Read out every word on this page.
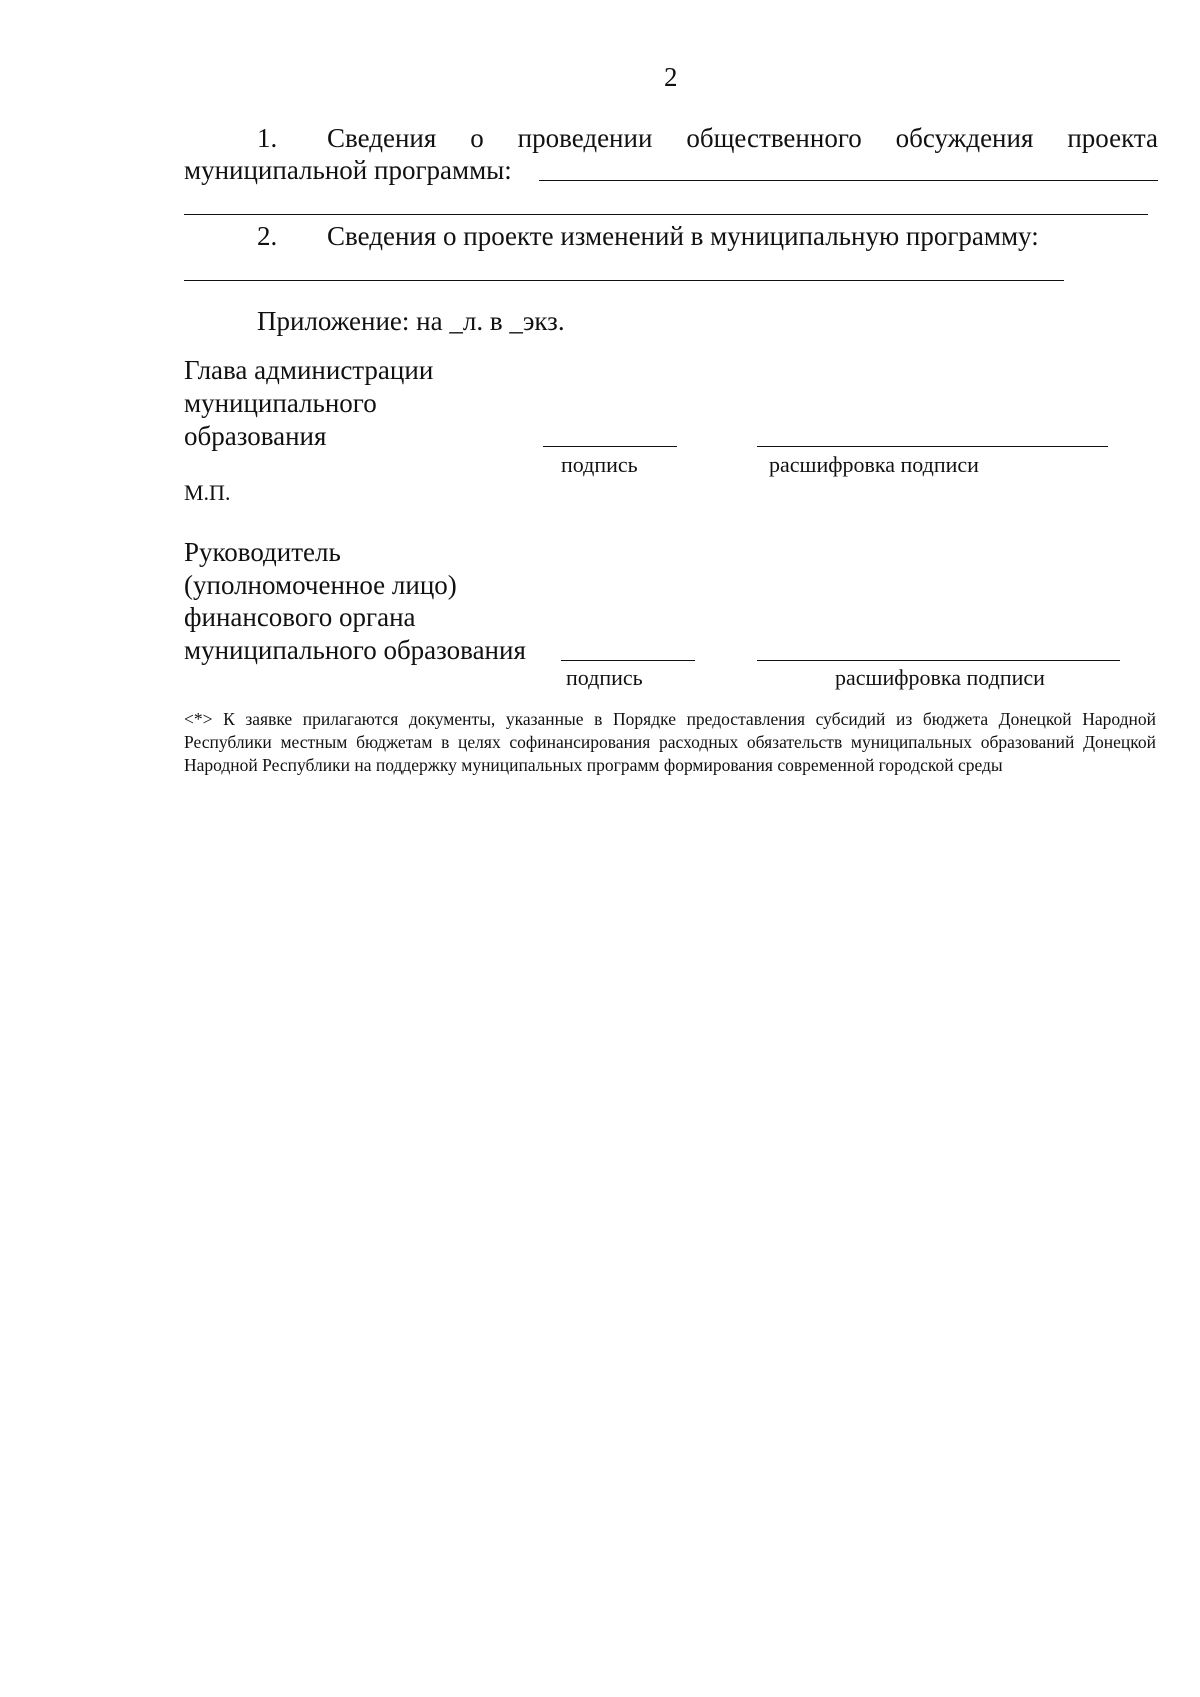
2
1. Сведения о проведении общественного обсуждения проекта
муниципальной программы:
2. Сведения о проекте изменений в муниципальную программу:
Приложение: на _л. в _экз.
Глава администрации
муниципального
образования
подпись	расшифровка подписи
М.П.
Руководитель
(уполномоченное лицо)
финансового органа
муниципального образования
подпись	расшифровка подписи
<*> К заявке прилагаются документы, указанные в Порядке предоставления субсидий из бюджета Донецкой Народной Республики местным бюджетам в целях софинансирования расходных обязательств муниципальных образований Донецкой Народной Республики на поддержку муниципальных программ формирования современной городской среды
